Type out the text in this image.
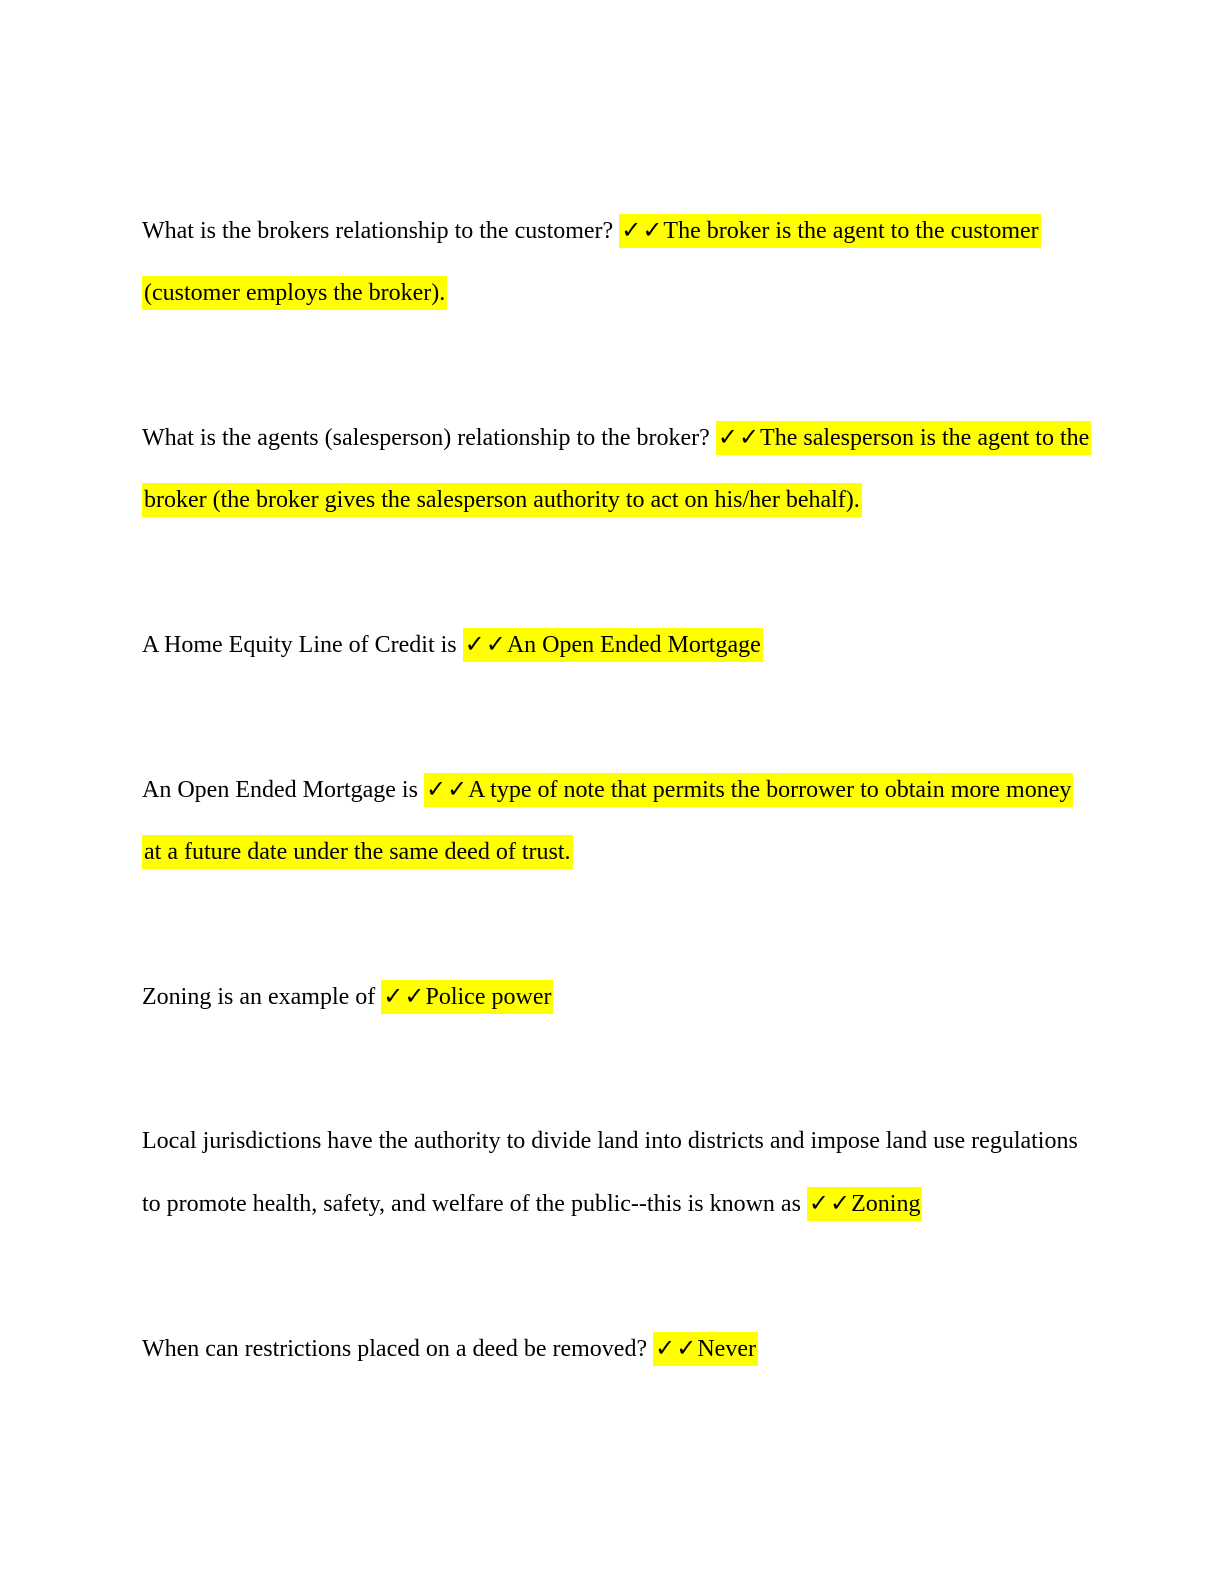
What is the brokers relationship to the customer? ✓✓The broker is the agent to the customer (customer employs the broker).

What is the agents (salesperson) relationship to the broker? ✓✓The salesperson is the agent to the broker (the broker gives the salesperson authority to act on his/her behalf).

A Home Equity Line of Credit is ✓✓An Open Ended Mortgage

An Open Ended Mortgage is ✓✓A type of note that permits the borrower to obtain more money at a future date under the same deed of trust.

Zoning is an example of ✓✓Police power

Local jurisdictions have the authority to divide land into districts and impose land use regulations to promote health, safety, and welfare of the public--this is known as ✓✓Zoning

When can restrictions placed on a deed be removed? ✓✓Never
